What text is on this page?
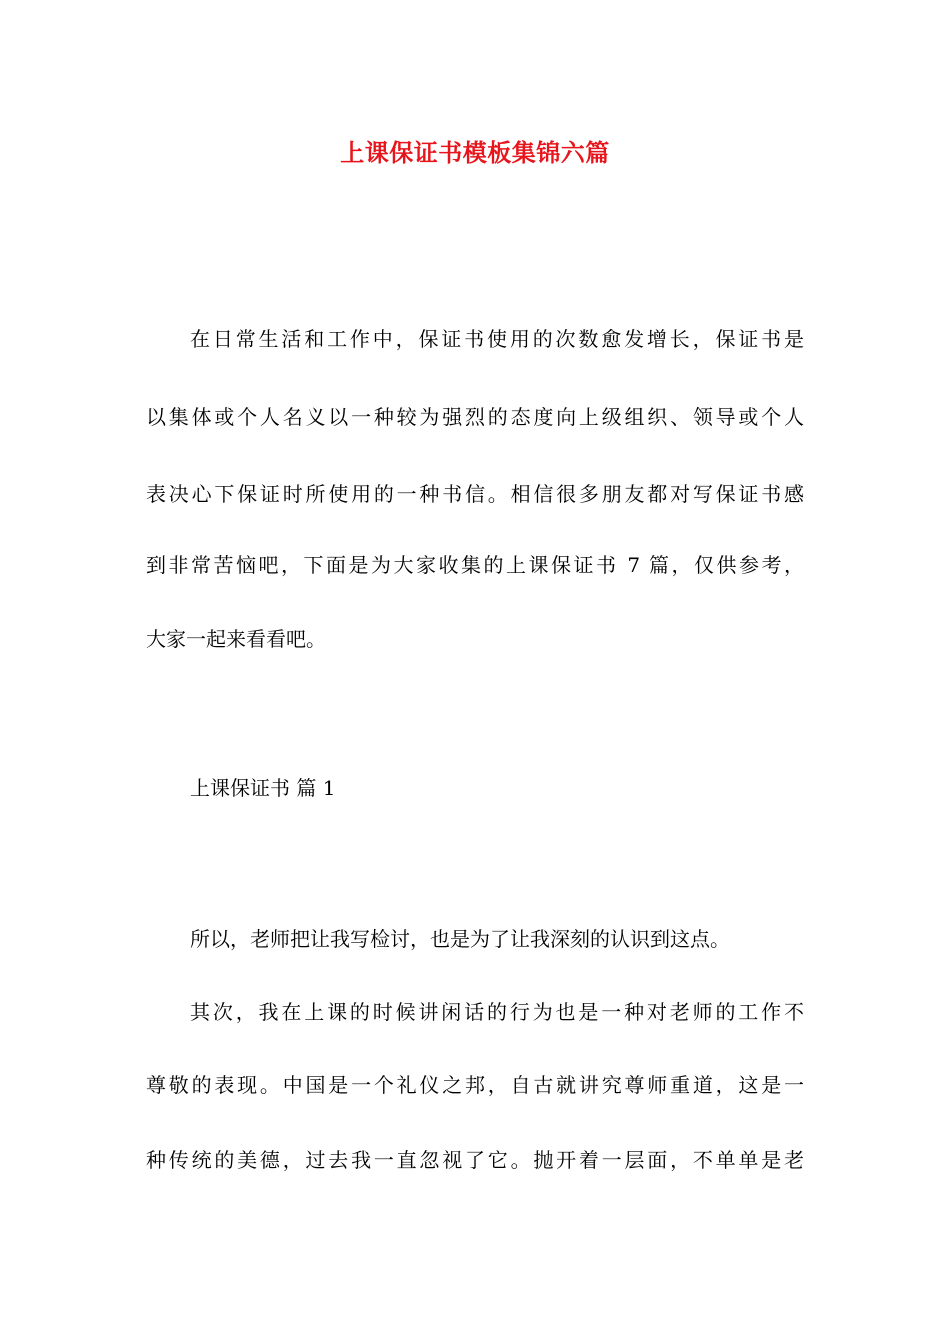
上课保证书模板集锦六篇
在日常生活和工作中，保证书使用的次数愈发增长，保证书是
以集体或个人名义以一种较为强烈的态度向上级组织、领导或个人
表决心下保证时所使用的一种书信。相信很多朋友都对写保证书感
到非常苦恼吧，下面是为大家收集的上课保证书 7 篇，仅供参考，
大家一起来看看吧。
上课保证书 篇 1
所以，老师把让我写检讨，也是为了让我深刻的认识到这点。
其次，我在上课的时候讲闲话的行为也是一种对老师的工作不
尊敬的表现。中国是一个礼仪之邦，自古就讲究尊师重道，这是一
种传统的美德，过去我一直忽视了它。抛开着一层面，不单单是老
